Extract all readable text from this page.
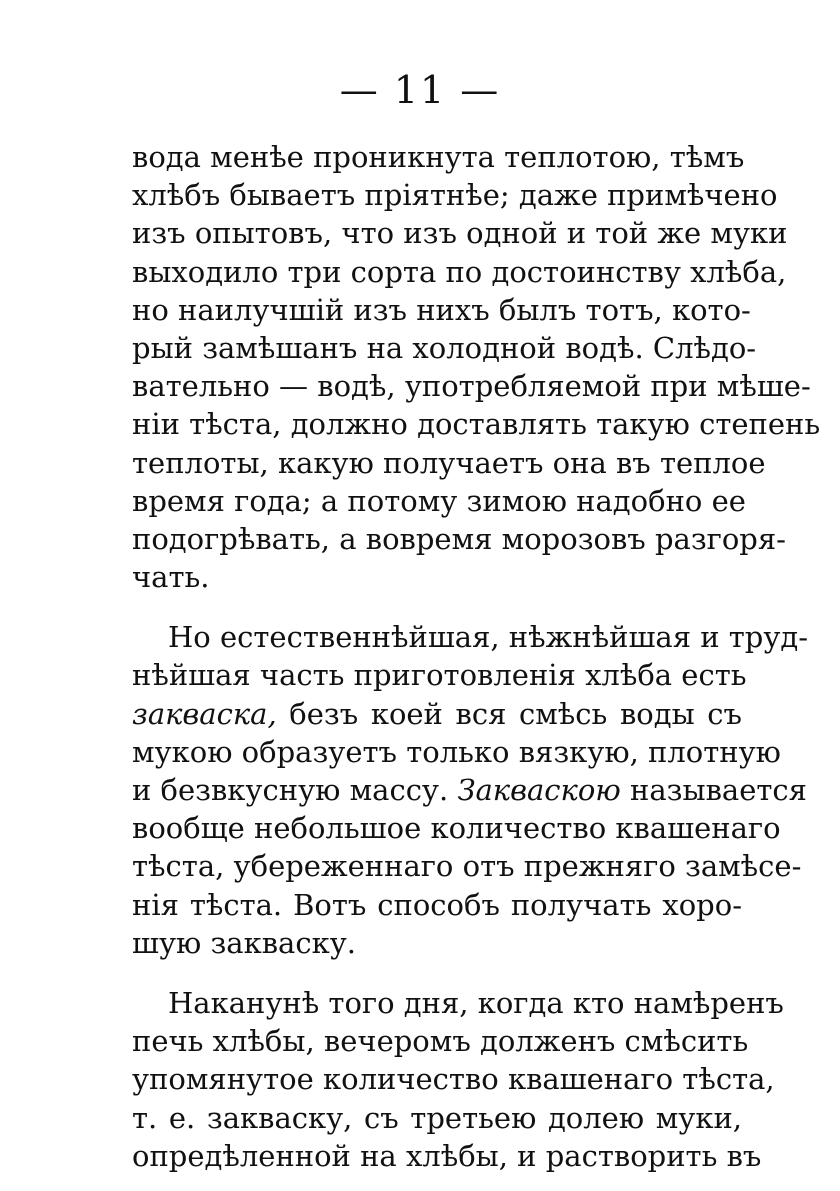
— 11 —
вода менѣе проникнута теплотою, тѣмъ
хлѣбъ бываетъ прiятнѣе; даже примѣчено
изъ опытовъ, что изъ одной и той же муки
выходило три сорта по достоинству хлѣба,
но наилучшiй изъ нихъ былъ тотъ, кото-
рый замѣшанъ на холодной водѣ. Слѣдо-
вательно — водѣ, употребляемой при мѣше-
нiи тѣста, должно доставлять такую степень
теплоты, какую получаетъ она въ теплое
время года; а потому зимою надобно ее
подогрѣвать, а вовремя морозовъ разгоря-
чать.
Но естественнѣйшая, нѣжнѣйшая и труд-
нѣйшая часть приготовленiя хлѣба есть
закваска, безъ коей вся смѣсь воды съ
мукою образуетъ только вязкую, плотную
и безвкусную массу. Закваскою называется
вообще небольшое количество квашенаго
тѣста, убереженнаго отъ прежняго замѣсе-
нiя тѣста. Вотъ способъ получать хоро-
шую закваску.
Наканунѣ того дня, когда кто намѣренъ
печь хлѣбы, вечеромъ долженъ смѣсить
упомянутое количество квашенаго тѣста,
т. е. закваску, съ третьею долею муки,
опредѣленной на хлѣбы, и растворить въ
